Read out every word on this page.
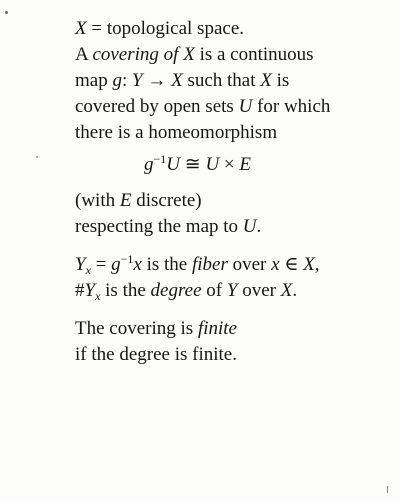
X = topological space.
A covering of X is a continuous
map g: Y → X such that X is
covered by open sets U for which
there is a homeomorphism
$g^{-1}U$ ≅ U × E
(with E discrete)
respecting the map to U.
$Y_x = g^{-1}x$ is the fiber over x ∈ X,
$\#Y_x$ is the degree of Y over X.
The covering is finite
if the degree is finite.
